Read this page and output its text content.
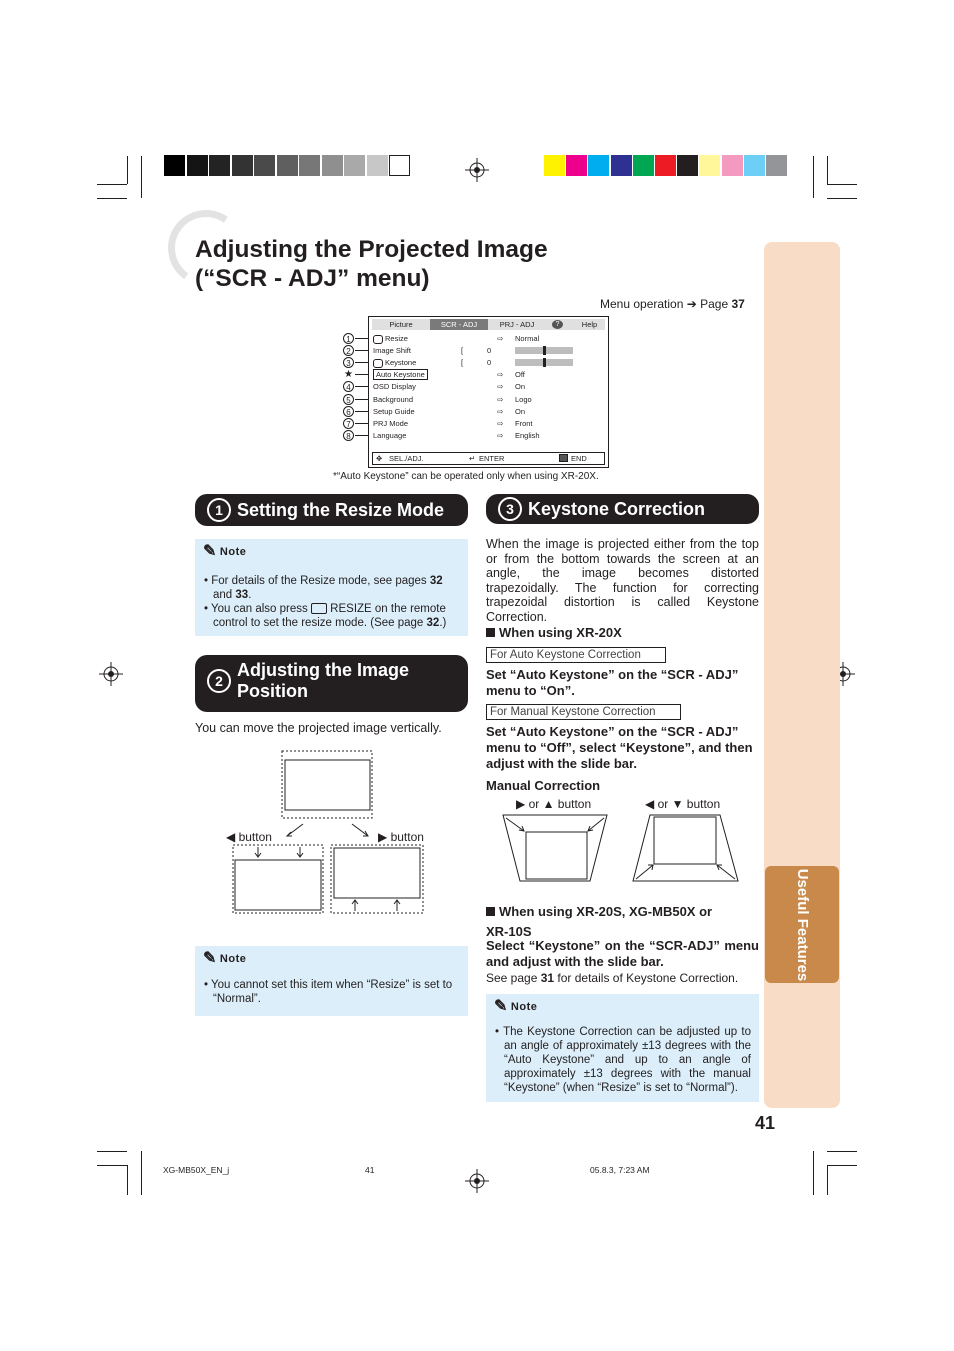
Useful Features
41
Adjusting the Projected Image
(“SCR - ADJ” menu)
Menu operation ➔ Page 37
Picture	SCR - ADJ	PRJ - ADJ	?	Help
Resize	⇨ Normal
Image Shift	[	0
Keystone	[	0
Auto Keystone	⇨ Off
OSD Display	⇨ On
Background	⇨ Logo
Setup Guide	⇨ On
PRJ Mode	⇨ Front
Language	⇨ English
✥ SEL./ADJ.	↵ ENTER	END
1
2
3
★
4
5
6
7
8
*“Auto Keystone” can be operated only when using XR-20X.
1 Setting the Resize Mode
✎ Note
• For details of the Resize mode, see pages 32 and 33.
• You can also press  RESIZE on the remote control to set the resize mode. (See page 32.)
2
Adjusting the Image
Position
You can move the projected image vertically.
◀ button	▶ button
✎ Note
• You cannot set this item when “Resize” is set to “Normal”.
3 Keystone Correction
When the image is projected either from the top or from the bottom towards the screen at an angle, the image becomes distorted trapezoidally. The function for correcting trapezoidal distortion is called Keystone Correction.
When using XR-20X
For Auto Keystone Correction
Set “Auto Keystone” on the “SCR - ADJ” menu to “On”.
For Manual Keystone Correction
Set “Auto Keystone” on the “SCR - ADJ” menu to “Off”, select “Keystone”, and then adjust with the slide bar.
Manual Correction
▶ or ▲ button	◀ or ▼ button
When using XR-20S, XG-MB50X or
XR-10S
Select “Keystone” on the “SCR-ADJ” menu and adjust with the slide bar.
See page 31 for details of Keystone Correction.
✎ Note
• The Keystone Correction can be adjusted up to an angle of approximately ±13 degrees with the “Auto Keystone” and up to an angle of approximately ±13 degrees with the manual “Keystone” (when “Resize” is set to “Normal”).
XG-MB50X_EN_j	41	05.8.3, 7:23 AM
